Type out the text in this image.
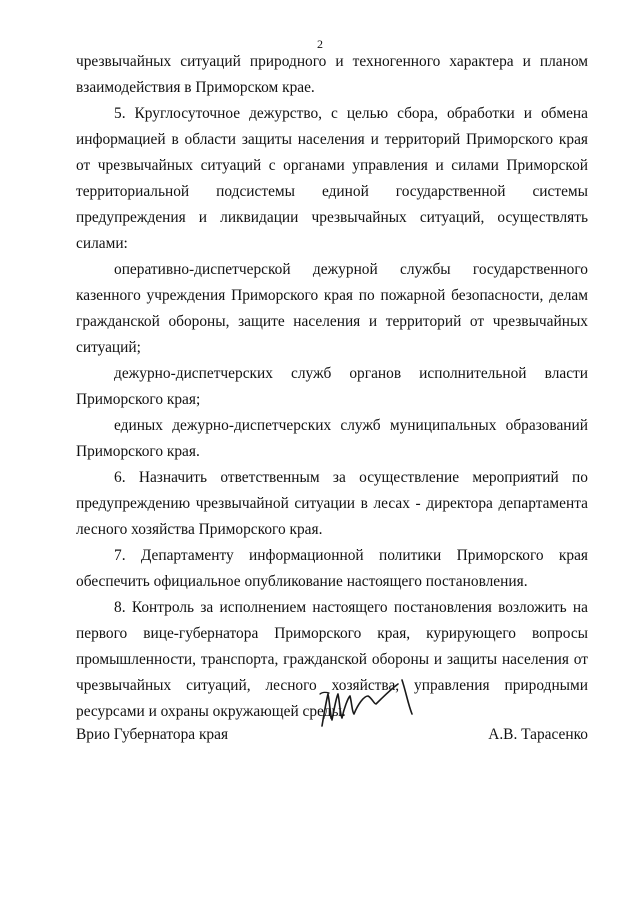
2

чрезвычайных ситуаций природного и техногенного характера и планом взаимодействия в Приморском крае.

5. Круглосуточное дежурство, с целью сбора, обработки и обмена информацией в области защиты населения и территорий Приморского края от чрезвычайных ситуаций с органами управления и силами Приморской территориальной подсистемы единой государственной системы предупреждения и ликвидации чрезвычайных ситуаций, осуществлять силами:

оперативно-диспетчерской дежурной службы государственного казенного учреждения Приморского края по пожарной безопасности, делам гражданской обороны, защите населения и территорий от чрезвычайных ситуаций;

дежурно-диспетчерских служб органов исполнительной власти Приморского края;

единых дежурно-диспетчерских служб муниципальных образований Приморского края.

6. Назначить ответственным за осуществление мероприятий по предупреждению чрезвычайной ситуации в лесах - директора департамента лесного хозяйства Приморского края.

7. Департаменту информационной политики Приморского края обеспечить официальное опубликование настоящего постановления.

8. Контроль за исполнением настоящего постановления возложить на первого вице-губернатора Приморского края, курирующего вопросы промышленности, транспорта, гражданской обороны и защиты населения от чрезвычайных ситуаций, лесного хозяйства, управления природными ресурсами и охраны окружающей среды.

Врио Губернатора края	А.В. Тарасенко
